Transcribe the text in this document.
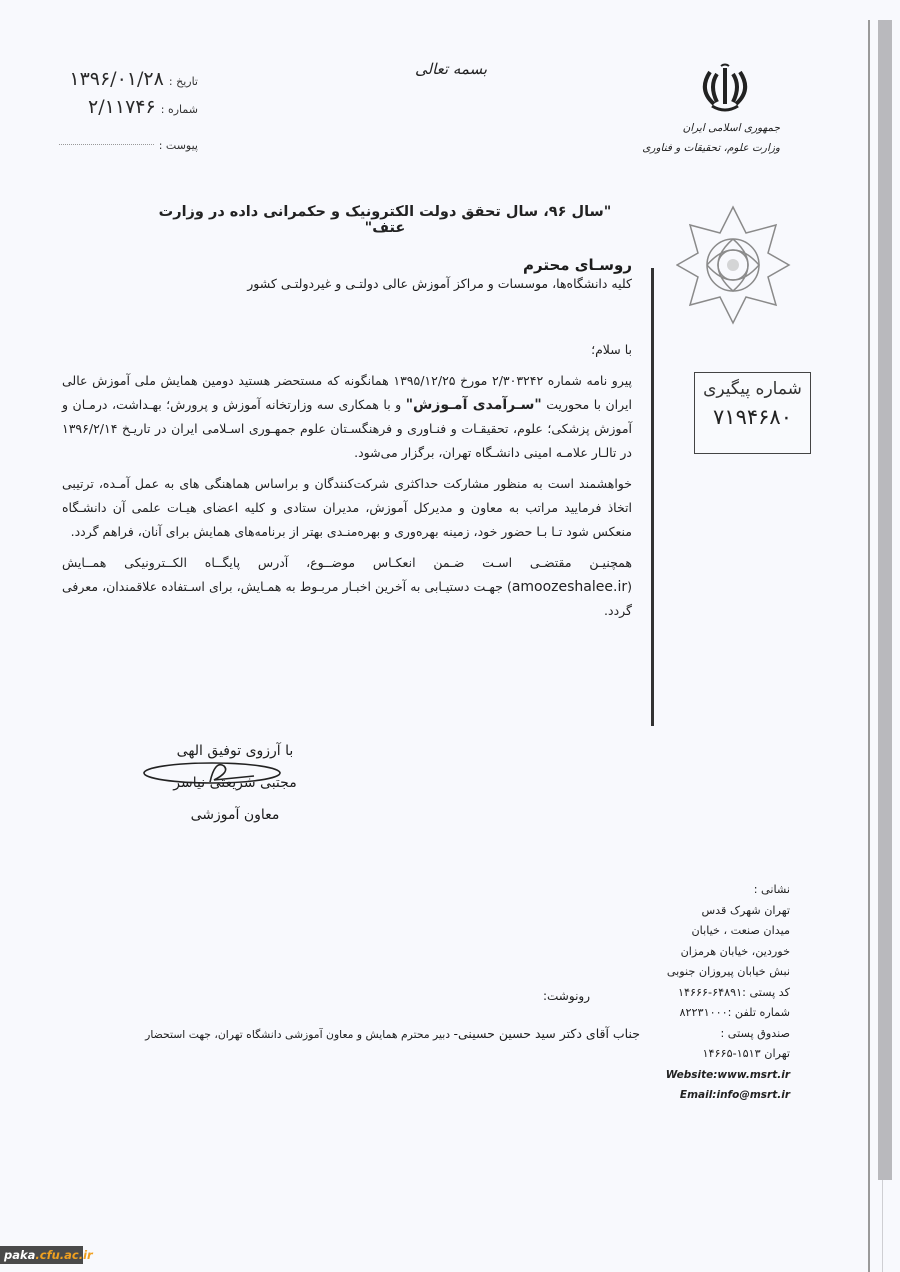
تاریخ : ۱۳۹۶/۰۱/۲۸
شماره : ۲/۱۱۷۴۶
پیوست :
بسمه تعالی
جمهوری اسلامی ایران
وزارت علوم، تحقیقات و فناوری
"سال ۹۶، سال تحقق دولت الکترونیک و حکمرانی داده در وزارت عتف"
شماره پیگیری
۷۱۹۴۶۸۰
روسـای محترم
کلیه دانشگاه‌ها، موسسات و مراکز آموزش عالی دولتـی و غیردولتـی کشور

با سلام؛

پیرو نامه شماره ۲/۳۰۳۲۴۲ مورخ ۱۳۹۵/۱۲/۲۵ همانگونه که مستحضر هستید دومین همایش ملی آموزش عالی ایران با محوریت "سـرآمدی آمـوزش" و با همکاری سه وزارتخانه آموزش و پرورش؛ بهـداشت، درمـان و آموزش پزشکی؛ علوم، تحقیقـات و فنـاوری و فرهنگسـتان علوم جمهـوری اسـلامی ایران در تاریـخ ۱۳۹۶/۲/۱۴ در تالـار علامـه امینی دانشـگاه تهران، برگزار می‌شود.

خواهشمند است به منظور مشارکت حداکثری شرکت‌کنندگان و براساس هماهنگی های به عمل آمـده، ترتیبی اتخاذ فرمایید مراتب به معاون و مدیرکل آموزش، مدیران ستادی و کلیه اعضای هیـات علمی آن دانشـگاه منعکس شود تـا بـا حضور خود، زمینه بهره‌وری و بهره‌منـدی بهتر از برنامه‌های همایش برای آنان، فراهم گردد.

همچنیـن مقتضـی اسـت ضـمن انعکـاس موضــوع، آدرس پایگــاه الکــترونیکی همــایش (amoozeshalee.ir) جهـت دستیـابی به آخرین اخبـار مربـوط به همـایش، برای اسـتفاده علاقمندان، معرفی گردد.

با آرزوی توفیق الهی
مجتبی شریعتی نیاسر
معاون آموزشی
نشانی :
تهران شهرک قدس
میدان صنعت ، خیابان
خوردین، خیابان هرمزان
نبش خیابان پیروزان جنوبی
کد پستی :۶۴۸۹۱-۱۴۶۶۶
شماره تلفن :۸۲۲۳۱۰۰۰
صندوق پستی :
تهران ۱۵۱۳-۱۴۶۶۵
Website:www.msrt.ir
Email:info@msrt.ir
رونوشت:
جناب آقای دکتر سید حسین حسینی- دبیر محترم همایش و معاون آموزشی دانشگاه تهران، جهت استحضار
paka.cfu.ac.ir
